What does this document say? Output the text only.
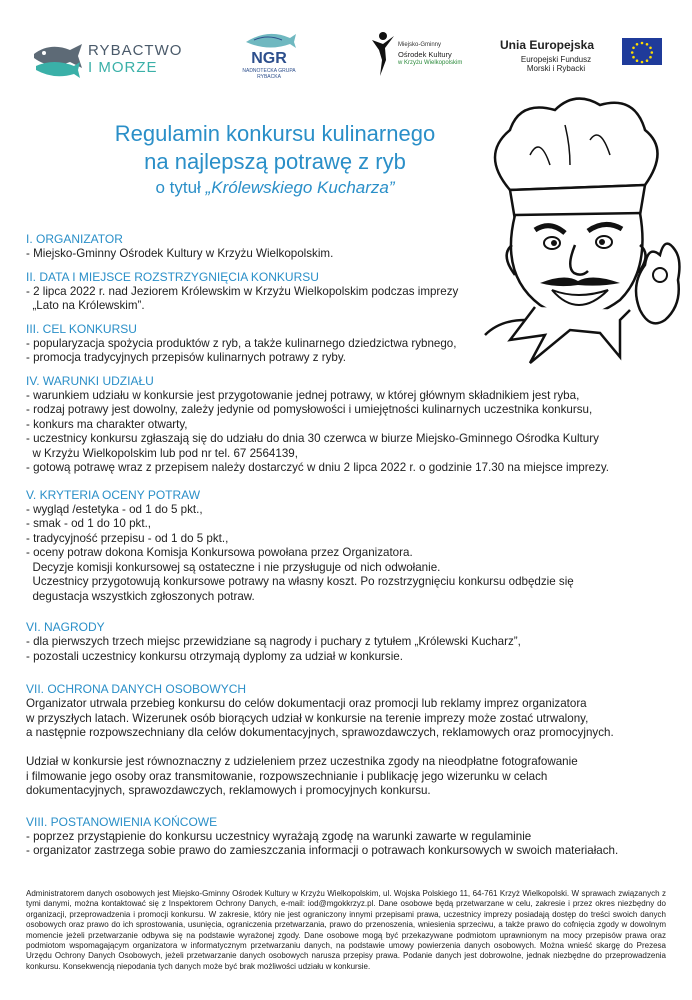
RYBACTWO
I MORZE
NGR
NADNOTECKA GRUPA RYBACKA
Miejsko-Gminny
Ośrodek Kultury
w Krzyżu Wielkopolskim
Unia Europejska
Europejski Fundusz
Morski i Rybacki
Regulamin konkursu kulinarnego
na najlepszą potrawę z ryb
o tytuł „Królewskiego Kucharza”
I. ORGANIZATOR
- Miejsko-Gminny Ośrodek Kultury w Krzyżu Wielkopolskim.
II. DATA I MIEJSCE ROZSTRZYGNIĘCIA KONKURSU
- 2 lipca 2022 r. nad Jeziorem Królewskim w Krzyżu Wielkopolskim podczas imprezy
„Lato na Królewskim”.
III. CEL KONKURSU
- popularyzacja spożycia produktów z ryb, a także kulinarnego dziedzictwa rybnego,
- promocja tradycyjnych przepisów kulinarnych potrawy z ryby.
IV. WARUNKI UDZIAŁU
- warunkiem udziału w konkursie jest przygotowanie jednej potrawy, w której głównym składnikiem jest ryba,
- rodzaj potrawy jest dowolny, zależy jedynie od pomysłowości i umiejętności kulinarnych uczestnika konkursu,
- konkurs ma charakter otwarty,
- uczestnicy konkursu zgłaszają się do udziału do dnia 30 czerwca w biurze Miejsko-Gminnego Ośrodka Kultury
w Krzyżu Wielkopolskim lub pod nr tel. 67 2564139,
- gotową potrawę wraz z przepisem należy dostarczyć w dniu 2 lipca 2022 r. o godzinie 17.30 na miejsce imprezy.
V. KRYTERIA OCENY POTRAW
- wygląd /estetyka - od 1 do 5 pkt.,
- smak - od 1 do 10 pkt.,
- tradycyjność przepisu - od 1 do 5 pkt.,
- oceny potraw dokona Komisja Konkursowa powołana przez Organizatora.
Decyzje komisji konkursowej są ostateczne i nie przysługuje od nich odwołanie.
Uczestnicy przygotowują konkursowe potrawy na własny koszt. Po rozstrzygnięciu konkursu odbędzie się
degustacja wszystkich zgłoszonych potraw.
VI. NAGRODY
- dla pierwszych trzech miejsc przewidziane są nagrody i puchary z tytułem „Królewski Kucharz”,
- pozostali uczestnicy konkursu otrzymają dyplomy za udział w konkursie.
VII. OCHRONA DANYCH OSOBOWYCH
Organizator utrwala przebieg konkursu do celów dokumentacji oraz promocji lub reklamy imprez organizatora
w przyszłych latach. Wizerunek osób biorących udział w konkursie na terenie imprezy może zostać utrwalony,
a następnie rozpowszechniany dla celów dokumentacyjnych, sprawozdawczych, reklamowych oraz promocyjnych.
Udział w konkursie jest równoznaczny z udzieleniem przez uczestnika zgody na nieodpłatne fotografowanie
i filmowanie jego osoby oraz transmitowanie, rozpowszechnianie i publikację jego wizerunku w celach
dokumentacyjnych, sprawozdawczych, reklamowych i promocyjnych konkursu.
VIII. POSTANOWIENIA KOŃCOWE
- poprzez przystąpienie do konkursu uczestnicy wyrażają zgodę na warunki zawarte w regulaminie
- organizator zastrzega sobie prawo do zamieszczania informacji o potrawach konkursowych w swoich materiałach.
Administratorem danych osobowych jest Miejsko-Gminny Ośrodek Kultury w Krzyżu Wielkopolskim, ul. Wojska Polskiego 11, 64-761 Krzyż Wielkopolski. W sprawach związanych z tymi danymi, można kontaktować się z Inspektorem Ochrony Danych, e-mail: iod@mgokkrzyz.pl. Dane osobowe będą przetwarzane w celu, zakresie i przez okres niezbędny do organizacji, przeprowadzenia i promocji konkursu. W zakresie, który nie jest ograniczony innymi przepisami prawa, uczestnicy imprezy posiadają dostęp do treści swoich danych osobowych oraz prawo do ich sprostowania, usunięcia, ograniczenia przetwarzania, prawo do przenoszenia, wniesienia sprzeciwu, a także prawo do cofnięcia zgody w dowolnym momencie jeżeli przetwarzanie odbywa się na podstawie wyrażonej zgody. Dane osobowe mogą być przekazywane podmiotom uprawnionym na mocy przepisów prawa oraz podmiotom wspomagającym organizatora w informatycznym przetwarzaniu danych, na podstawie umowy powierzenia danych osobowych. Można wnieść skargę do Prezesa Urzędu Ochrony Danych Osobowych, jeżeli przetwarzanie danych osobowych narusza przepisy prawa. Podanie danych jest dobrowolne, jednak niezbędne do przeprowadzenia konkursu. Konsekwencją niepodania tych danych może być brak możliwości udziału w konkursie.
